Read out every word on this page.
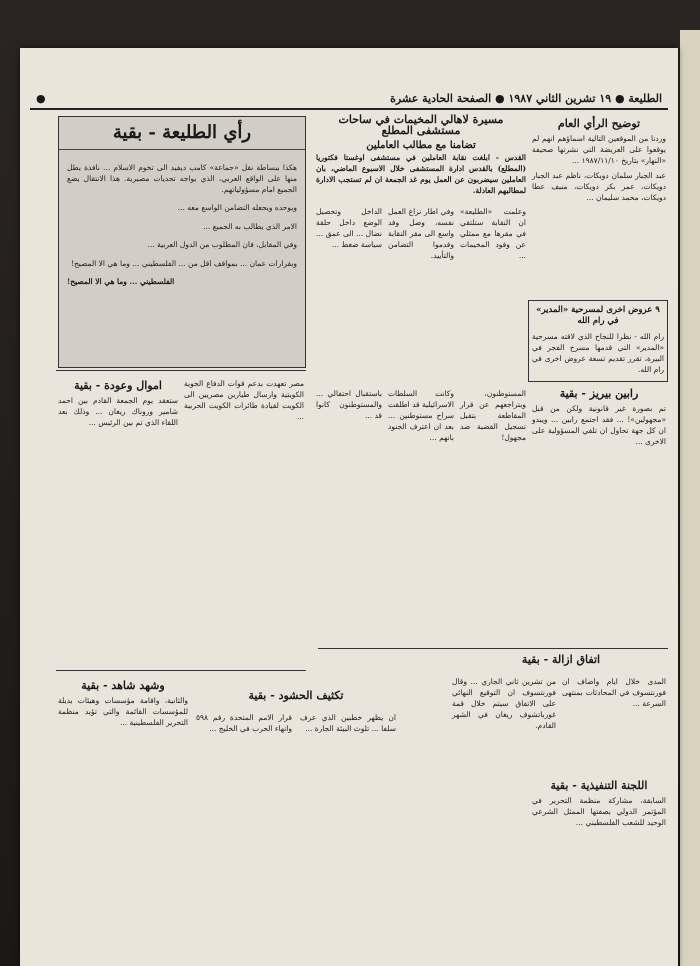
الطليعة ● ١٩ تشرين الثاني ١٩٨٧ ● الصفحة الحادية عشرة
●
رأي الطليعة - بقية

هكذا ببساطة نقل «جماعة» كامب ديفيد الى تخوم الاسلام ... نافذة يطل منها على الواقع العربي، الذي يواجه تحديات مصيرية. هذا الانتقال يضع الجميع امام مسؤولياتهم.

ويوحده ويجعله التضامن الواسع معه ...

الامر الذي يطالب به الجميع ...

وفي المقابل، فان المطلوب من الدول العربية ...

وبقرارات عمان ... بمواقف اقل من ... الفلسطيني ... وما هي الا المصيح!

الفلسطيني ... وما هي الا المصيح!

توضيح الرأي العام

وردنا من الموقعين التالية اسماؤهم انهم لم يوقعوا على العريضة التي نشرتها صحيفة «النهار» بتاريخ ١٩٨٧/١١/١٠ ...

عبد الجبار سلمان دويكات، ناظم عبد الجبار دويكات، عمر بكر دويكات، منيف عطا دويكات، محمد سليمان ...

٩ عروض اخرى لمسرحية «المدير» في رام الله

رام الله - نظرا للنجاح الذي لاقته مسرحية «المدير» التي قدمها مسرح الفجر في البيرة، تقرر تقديم تسعة عروض اخرى في رام الله.

مسيرة لاهالي المخيمات في ساحات مستشفى المطلع
تضامنا مع مطالب العاملين
القدس - ابلغت نقابة العاملين في مستشفى اوغستا فكتوريا (المطلع) بالقدس ادارة المستشفى خلال الاسبوع الماضي، بان العاملين سيضربون عن العمل يوم غد الجمعة ان لم تستجب الادارة لمطالبهم العادلة.
وعلمت «الطليعة» ان النقابة ستلتقي في مقرها مع ممثلي عن وفود المخيمات ...
وفي اطار نزاع العمل نفسه، وصل وفد واسع الى مقر النقابة وقدموا التضامن والتأييد.
الداخل وتحصيل الوضع داخل حلقة نضال ... الى عمق ... سياسة ضغط ...
اموال وعودة - بقية

ستعقد يوم الجمعة القادم بين احمد شامير وروناك ريغان ... وذلك بعد اللقاء الذي تم بين الرئيس ...

مصر تعهدت بدعم قوات الدفاع الجوية الكويتية وارسال طيارين مصريين الى الكويت لقيادة طائرات الكويت الحربية ...

المستوطنون، وبتراجعهم عن قرار المقاطعة بتقبل تسجيل القضية ضد مجهول!
وكانت السلطات الاسرائيلية قد اطلقت سراح مستوطنين ... بعد ان اعترف الجنود بانهم ...
باستقبال احتفالي ... والمستوطنون كانوا قد ...
رابين بيريز - بقية

تم بصورة غير قانونية ولكن من قبل «مجهولين»! ... فقد اجتمع رابين ... ويبدو ان كل جهة تحاول ان تلقي المسؤولية على الاخرى ...

اتفاق ازالة - بقية
المدى خلال ايام واضاف ان فورنتسوف في المحادثات بمنتهى السرعة ...
من تشرين ثاني الجاري ... وقال فورنتسوف ان التوقيع النهائي على الاتفاق سيتم خلال قمة غورباتشوف ريغان في الشهر القادم.
اللجنة التنفيذية - بقية

السابقة، مشاركة منظمة التحرير في المؤتمر الدولي بصفتها الممثل الشرعي الوحيد للشعب الفلسطيني ...

تكثيف الحشود - بقية
قرار الامم المتحدة رقم ٥٩٨ وانهاء الحرب في الخليج ...
ان يظهر خطبين الذي عرف سلفا ... تلوث البيئة الجارة ...
وشهد شاهد - بقية

والثانية، واقامة مؤسسات وهيئات بديلة للمؤسسات القائمة والتي تؤيد منظمة التحرير الفلسطينية ...
